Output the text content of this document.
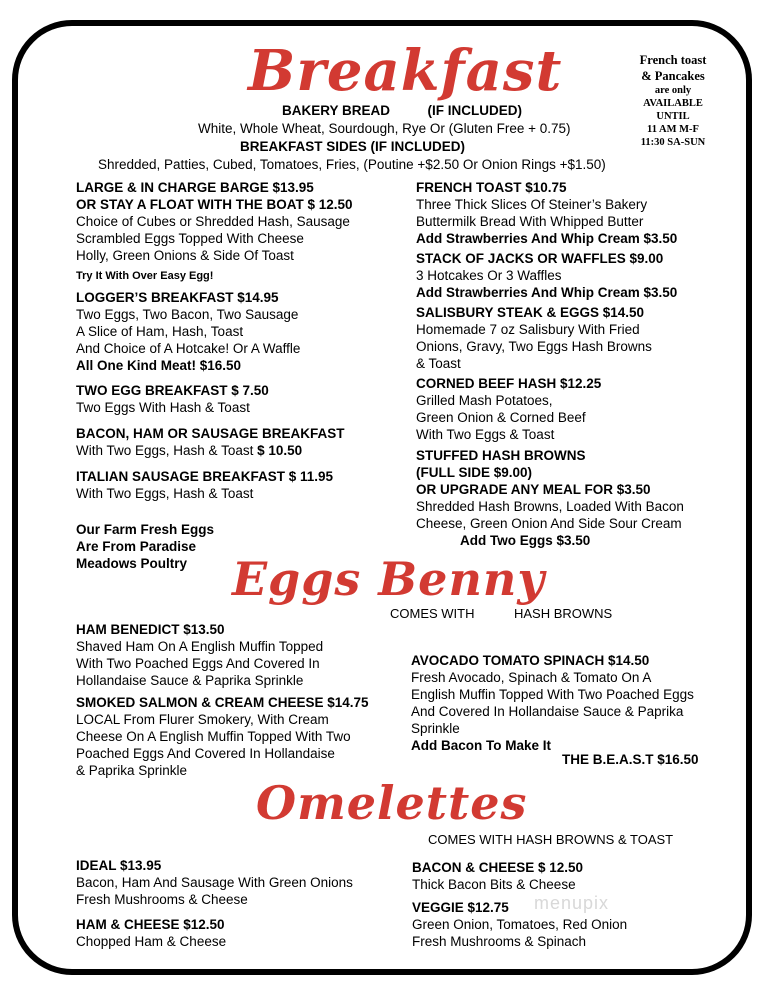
Breakfast	French toast
& Pancakes
are only
AVAILABLE
UNTIL
11 AM M-F
11:30 SA-SUN
BAKERY BREAD          (IF INCLUDED)
White, Whole Wheat, Sourdough, Rye Or (Gluten Free + 0.75)
BREAKFAST SIDES (IF INCLUDED)
Shredded, Patties, Cubed, Tomatoes, Fries, (Poutine +$2.50 Or Onion Rings +$1.50)
LARGE & IN CHARGE BARGE $13.95
OR STAY A FLOAT WITH THE BOAT $ 12.50
Choice of Cubes or Shredded Hash, Sausage
Scrambled Eggs Topped With Cheese
Holly, Green Onions & Side Of Toast
Try It With Over Easy Egg!
LOGGER’S BREAKFAST $14.95
Two Eggs, Two Bacon, Two Sausage
A Slice of Ham, Hash, Toast
And Choice of A Hotcake! Or A Waffle
All One Kind Meat! $16.50
TWO EGG BREAKFAST $ 7.50
Two Eggs With Hash & Toast
BACON, HAM OR SAUSAGE BREAKFAST
With Two Eggs, Hash & Toast $ 10.50
ITALIAN SAUSAGE BREAKFAST $ 11.95
With Two Eggs, Hash & Toast
Our Farm Fresh Eggs
Are From Paradise
Meadows Poultry
FRENCH TOAST $10.75
Three Thick Slices Of Steiner’s Bakery
Buttermilk Bread With Whipped Butter
Add Strawberries And Whip Cream $3.50
STACK OF JACKS OR WAFFLES $9.00
3 Hotcakes Or 3 Waffles
Add Strawberries And Whip Cream $3.50
SALISBURY STEAK & EGGS $14.50
Homemade 7 oz Salisbury With Fried
Onions, Gravy, Two Eggs Hash Browns
& Toast
CORNED BEEF HASH $12.25
Grilled Mash Potatoes,
Green Onion & Corned Beef
With Two Eggs & Toast
STUFFED HASH BROWNS
(FULL SIDE $9.00)
OR UPGRADE ANY MEAL FOR $3.50
Shredded Hash Browns, Loaded With Bacon
Cheese, Green Onion And Side Sour Cream
Add Two Eggs $3.50
Eggs Benny
COMES WITH	HASH BROWNS
HAM BENEDICT $13.50
Shaved Ham On A English Muffin Topped
With Two Poached Eggs And Covered In
Hollandaise Sauce & Paprika Sprinkle
SMOKED SALMON & CREAM CHEESE $14.75
LOCAL From Flurer Smokery, With Cream
Cheese On A English Muffin Topped With Two
Poached Eggs And Covered In Hollandaise
& Paprika Sprinkle
AVOCADO TOMATO SPINACH $14.50
Fresh Avocado, Spinach & Tomato On A
English Muffin Topped With Two Poached Eggs
And Covered In Hollandaise Sauce & Paprika
Sprinkle
Add Bacon To Make It
THE B.E.A.S.T $16.50
Omelettes
COMES WITH HASH BROWNS & TOAST
IDEAL $13.95
Bacon, Ham And Sausage With Green Onions
Fresh Mushrooms & Cheese
HAM & CHEESE $12.50
Chopped Ham & Cheese
BACON & CHEESE $ 12.50
Thick Bacon Bits & Cheese
VEGGIE $12.75
Green Onion, Tomatoes, Red Onion
Fresh Mushrooms & Spinach
menupix
